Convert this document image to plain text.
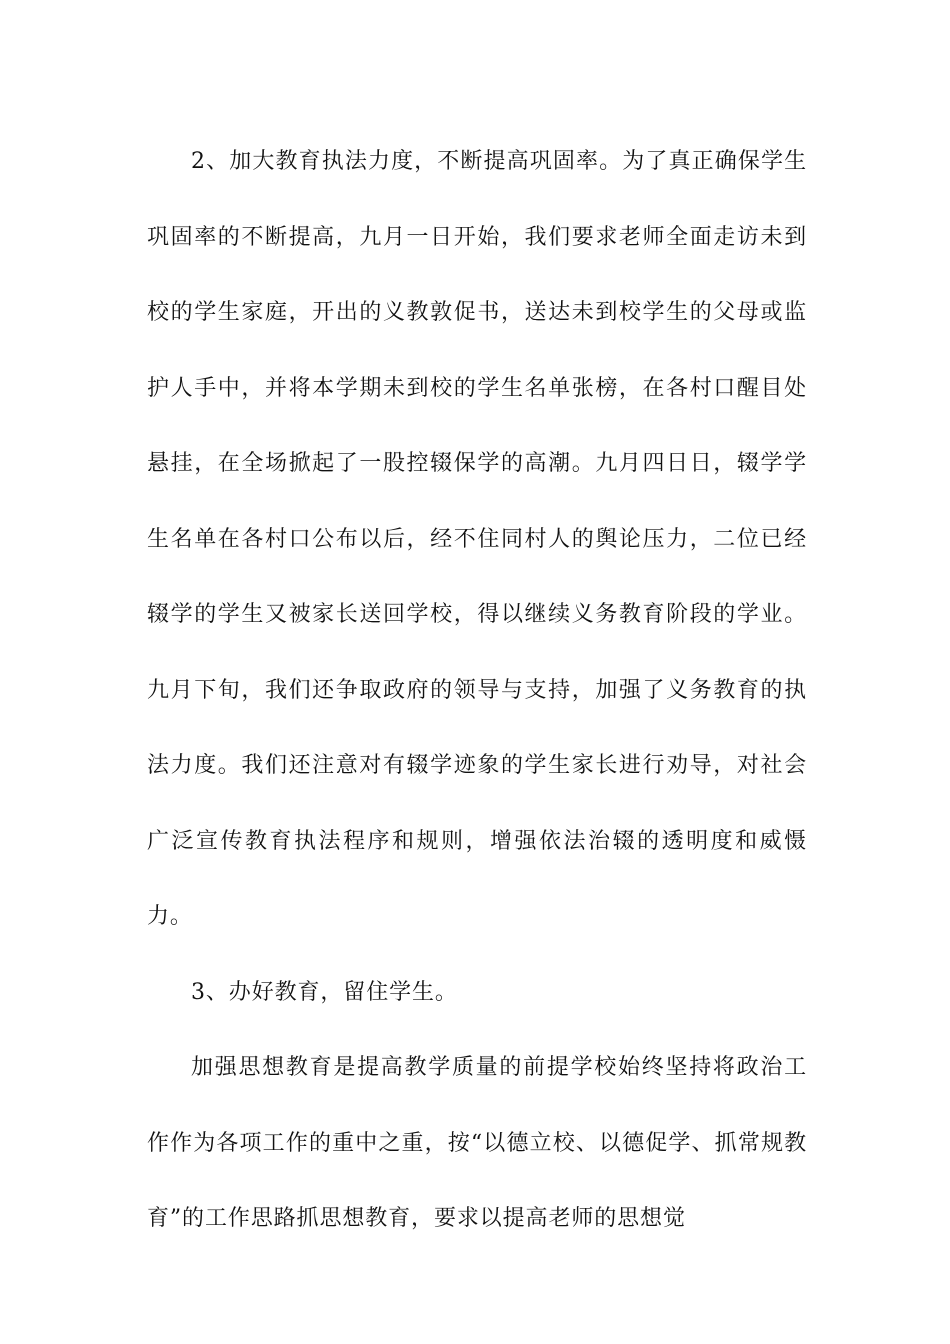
2、加大教育执法力度，不断提高巩固率。为了真正确保学生巩固率的不断提高，九月一日开始，我们要求老师全面走访未到校的学生家庭，开出的义教敦促书，送达未到校学生的父母或监护人手中，并将本学期未到校的学生名单张榜，在各村口醒目处悬挂，在全场掀起了一股控辍保学的高潮。九月四日日，辍学学生名单在各村口公布以后，经不住同村人的舆论压力，二位已经辍学的学生又被家长送回学校，得以继续义务教育阶段的学业。九月下旬，我们还争取政府的领导与支持，加强了义务教育的执法力度。我们还注意对有辍学迹象的学生家长进行劝导，对社会广泛宣传教育执法程序和规则，增强依法治辍的透明度和威慑力。

3、办好教育，留住学生。

加强思想教育是提高教学质量的前提学校始终坚持将政治工作作为各项工作的重中之重，按“以德立校、以德促学、抓常规教育”的工作思路抓思想教育，要求以提高老师的思想觉
